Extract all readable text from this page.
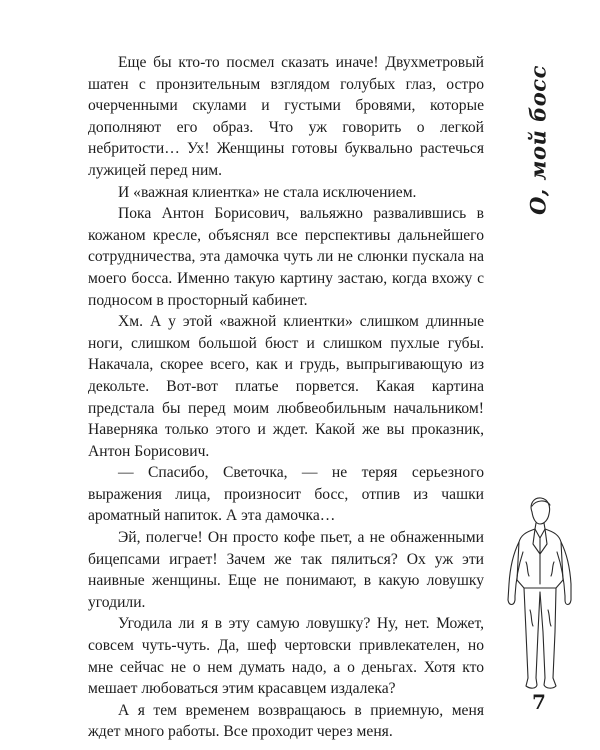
Еще бы кто-то посмел сказать иначе! Двухметровый шатен с пронзительным взглядом голубых глаз, остро очерченными скулами и густыми бровями, которые дополняют его образ. Что уж говорить о легкой небритости… Ух! Женщины готовы буквально растечься лужицей перед ним.

И «важная клиентка» не стала исключением.

Пока Антон Борисович, вальяжно развалившись в кожаном кресле, объяснял все перспективы дальнейшего сотрудничества, эта дамочка чуть ли не слюнки пускала на моего босса. Именно такую картину застаю, когда вхожу с подносом в просторный кабинет.

Хм. А у этой «важной клиентки» слишком длинные ноги, слишком большой бюст и слишком пухлые губы. Накачала, скорее всего, как и грудь, выпрыгивающую из декольте. Вот-вот платье порвется. Какая картина предстала бы перед моим любвеобильным начальником! Наверняка только этого и ждет. Какой же вы проказник, Антон Борисович.

— Спасибо, Светочка, — не теряя серьезного выражения лица, произносит босс, отпив из чашки ароматный напиток. А эта дамочка…

Эй, полегче! Он просто кофе пьет, а не обнаженными бицепсами играет! Зачем же так пялиться? Ох уж эти наивные женщины. Еще не понимают, в какую ловушку угодили.

Угодила ли я в эту самую ловушку? Ну, нет. Может, совсем чуть-чуть. Да, шеф чертовски привлекателен, но мне сейчас не о нем думать надо, а о деньгах. Хотя кто мешает любоваться этим красавцем издалека?

А я тем временем возвращаюсь в приемную, меня ждет много работы. Все проходит через меня.

О, мой босс
7
